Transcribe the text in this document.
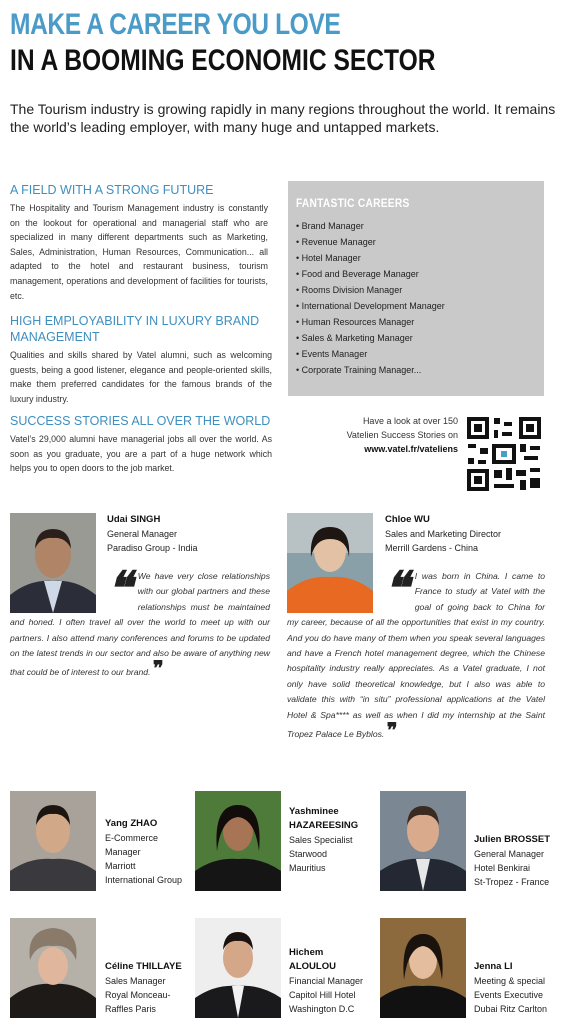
MAKE A CAREER YOU LOVE
IN A BOOMING ECONOMIC SECTOR
The Tourism industry is growing rapidly in many regions throughout the world. It remains the world’s leading employer, with many huge and untapped markets.
A FIELD WITH A STRONG FUTURE
The Hospitality and Tourism Management industry is constantly on the lookout for operational and managerial staff who are specialized in many different departments such as Marketing, Sales, Administration, Human Resources, Communication... all adapted to the hotel and restaurant business, tourism management, operations and development of facilities for tourists, etc.
HIGH EMPLOYABILITY IN LUXURY BRAND MANAGEMENT
Qualities and skills shared by Vatel alumni, such as welcoming guests, being a good listener, elegance and people-oriented skills, make them preferred candidates for the famous brands of the luxury industry.
SUCCESS STORIES ALL OVER THE WORLD
Vatel’s 29,000 alumni have managerial jobs all over the world. As soon as you graduate, you are a part of a huge network which helps you to open doors to the job market.
FANTASTIC CAREERS
• Brand Manager
• Revenue Manager
• Hotel Manager
• Food and Beverage Manager
• Rooms Division Manager
• International Development Manager
• Human Resources Manager
• Sales & Marketing Manager
• Events Manager
• Corporate Training Manager...
Have a look at over 150
Vatelien Success Stories on
www.vatel.fr/vateliens
Udai SINGH
General Manager
Paradiso Group - India
❝ We have very close relationships with our global partners and these relationships must be maintained and honed. I often travel all over the world to meet up with our partners. I also attend many conferences and forums to be updated on the latest trends in our sector and also be aware of anything new that could be of interest to our brand. ❞
Chloe WU
Sales and Marketing Director
Merrill Gardens - China
❝ I was born in China. I came to France to study at Vatel with the goal of going back to China for my career, because of all the opportunities that exist in my country. And you do have many of them when you speak several languages and have a French hotel management degree, which the Chinese hospitality industry really appreciates. As a Vatel graduate, I not only have solid theoretical knowledge, but I also was able to validate this with “in situ” professional applications at the Vatel Hotel & Spa**** as well as when I did my internship at the Saint Tropez Palace Le Byblos. ❞
Yang ZHAO
E-Commerce
Manager
Marriott
International Group
Yashminee
HAZAREESING
Sales Specialist
Starwood
Mauritius
Julien BROSSET
General Manager
Hotel Benkirai
St-Tropez - France
Céline THILLAYE
Sales Manager
Royal Monceau-
Raffles Paris
Hichem
ALOULOU
Financial Manager
Capitol Hill Hotel
Washington D.C
Jenna LI
Meeting & special
Events Executive
Dubai Ritz Carlton
